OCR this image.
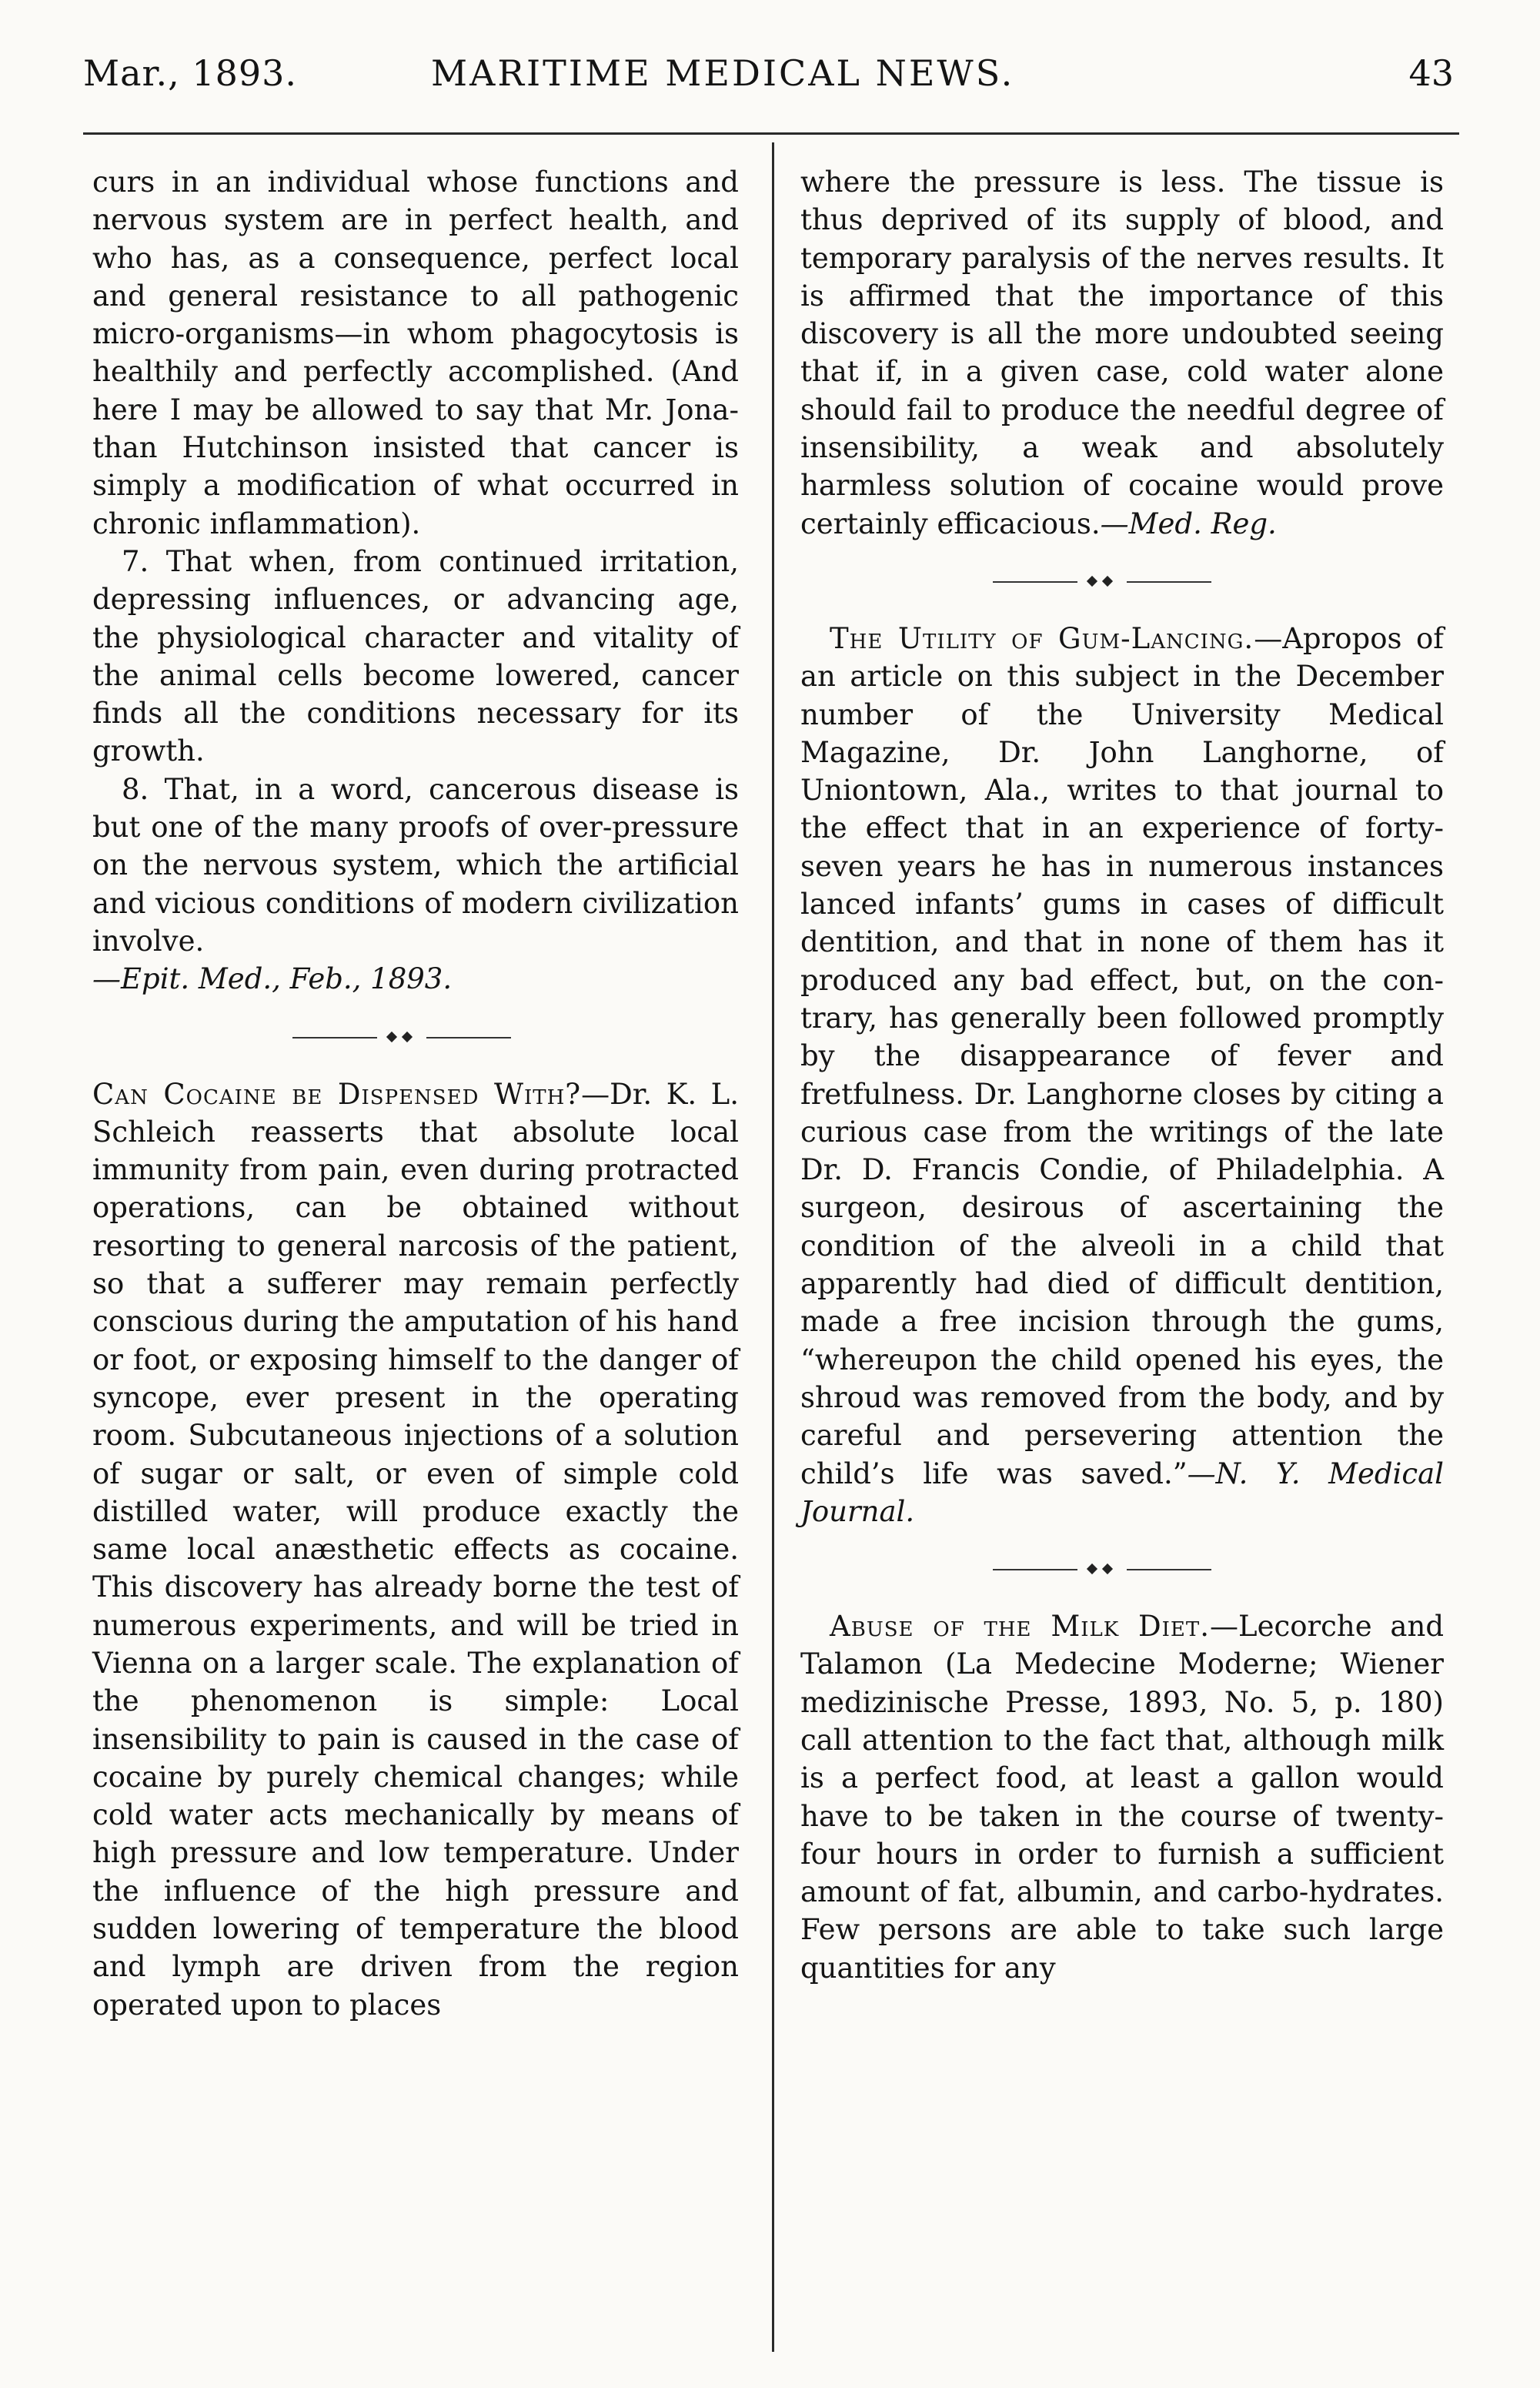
Mar., 1893.	MARITIME MEDICAL NEWS.	43

curs in an individual whose functions and nervous system are in perfect health, and who has, as a consequence, perfect local and general resistance to all pathogenic micro-organisms—in whom phagocytosis is healthily and perfectly accomplished. (And here I may be allowed to say that Mr. Jonathan Hutchinson insisted that cancer is simply a modification of what occurred in chronic inflammation).

7. That when, from continued irritation, depressing influences, or advancing age, the physiological character and vitality of the animal cells become lowered, cancer finds all the conditions necessary for its growth.

8. That, in a word, cancerous disease is but one of the many proofs of over-pressure on the nervous system, which the artificial and vicious conditions of modern civilization involve.

—Epit. Med., Feb., 1893.

Can Cocaine be Dispensed With?—Dr. K. L. Schleich reasserts that absolute local immunity from pain, even during protracted operations, can be obtained without resorting to general narcosis of the patient, so that a sufferer may remain perfectly conscious during the amputation of his hand or foot, or exposing himself to the danger of syncope, ever present in the operating room. Subcutaneous injections of a solution of sugar or salt, or even of simple cold distilled water, will produce exactly the same local anæsthetic effects as cocaine. This discovery has already borne the test of numerous experiments, and will be tried in Vienna on a larger scale. The explanation of the phenomenon is simple: Local insensibility to pain is caused in the case of cocaine by purely chemical changes; while cold water acts mechanically by means of high pressure and low temperature. Under the influence of the high pressure and sudden lowering of temperature the blood and lymph are driven from the region operated upon to places

where the pressure is less. The tissue is thus deprived of its supply of blood, and temporary paralysis of the nerves results. It is affirmed that the importance of this discovery is all the more undoubted seeing that if, in a given case, cold water alone should fail to produce the needful degree of insensibility, a weak and absolutely harmless solution of cocaine would prove certainly efficacious.—Med. Reg.

The Utility of Gum-Lancing.—Apropos of an article on this subject in the December number of the University Medical Magazine, Dr. John Langhorne, of Uniontown, Ala., writes to that journal to the effect that in an experience of forty-seven years he has in numerous instances lanced infants’ gums in cases of difficult dentition, and that in none of them has it produced any bad effect, but, on the contrary, has generally been followed promptly by the disappearance of fever and fretfulness. Dr. Langhorne closes by citing a curious case from the writings of the late Dr. D. Francis Condie, of Philadelphia. A surgeon, desirous of ascertaining the condition of the alveoli in a child that apparently had died of difficult dentition, made a free incision through the gums, “whereupon the child opened his eyes, the shroud was removed from the body, and by careful and persevering attention the child’s life was saved.”—N. Y. Medical Journal.

Abuse of the Milk Diet.—Lecorche and Talamon (La Medecine Moderne; Wiener medizinische Presse, 1893, No. 5, p. 180) call attention to the fact that, although milk is a perfect food, at least a gallon would have to be taken in the course of twenty-four hours in order to furnish a sufficient amount of fat, albumin, and carbo-hydrates. Few persons are able to take such large quantities for any
